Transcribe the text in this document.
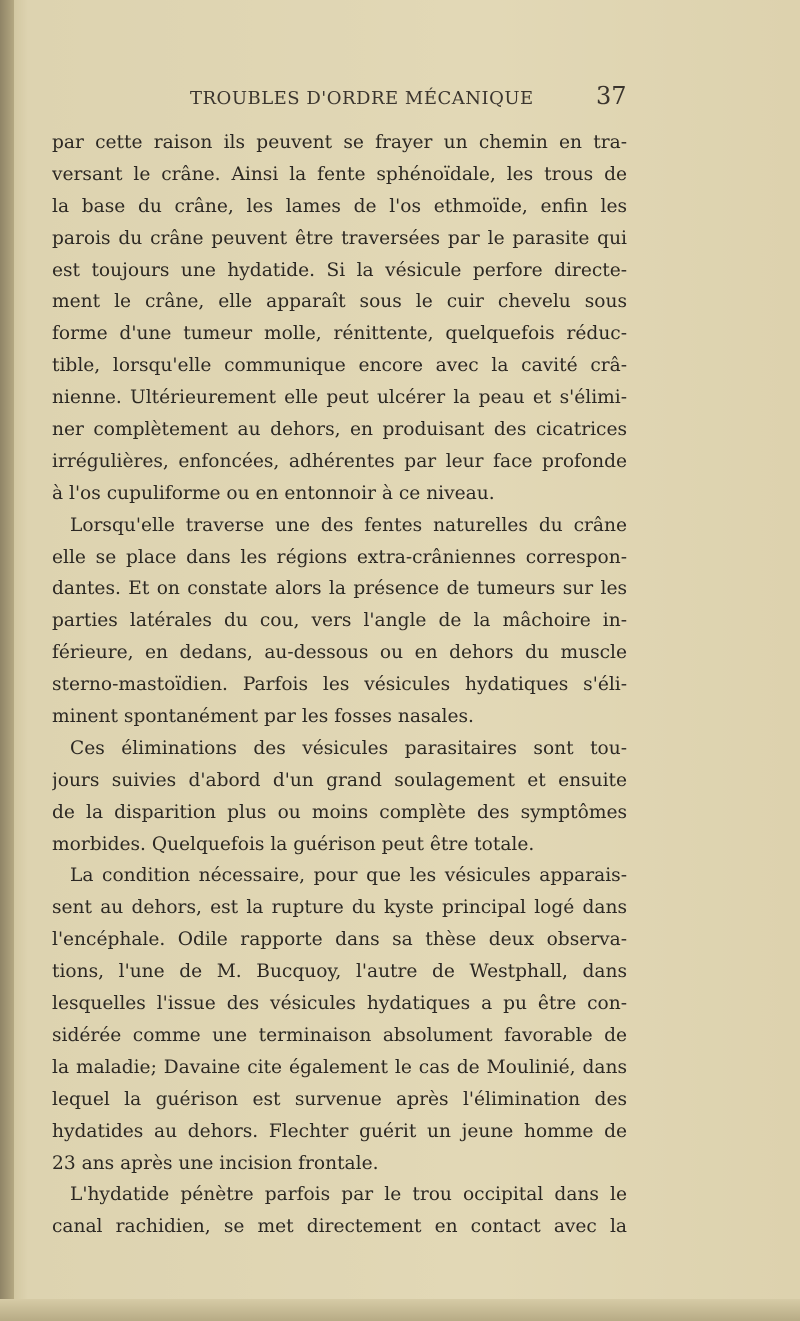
TROUBLES D'ORDRE MÉCANIQUE	37
par cette raison ils peuvent se frayer un chemin en tra-
versant le crâne. Ainsi la fente sphénoïdale, les trous de
la base du crâne, les lames de l'os ethmoïde, enfin les
parois du crâne peuvent être traversées par le parasite qui
est toujours une hydatide. Si la vésicule perfore directe-
ment le crâne, elle apparaît sous le cuir chevelu sous
forme d'une tumeur molle, rénittente, quelquefois réduc-
tible, lorsqu'elle communique encore avec la cavité crâ-
nienne. Ultérieurement elle peut ulcérer la peau et s'élimi-
ner complètement au dehors, en produisant des cicatrices
irrégulières, enfoncées, adhérentes par leur face profonde
à l'os cupuliforme ou en entonnoir à ce niveau.
Lorsqu'elle traverse une des fentes naturelles du crâne
elle se place dans les régions extra-crâniennes correspon-
dantes. Et on constate alors la présence de tumeurs sur les
parties latérales du cou, vers l'angle de la mâchoire in-
férieure, en dedans, au-dessous ou en dehors du muscle
sterno-mastoïdien. Parfois les vésicules hydatiques s'éli-
minent spontanément par les fosses nasales.
Ces éliminations des vésicules parasitaires sont tou-
jours suivies d'abord d'un grand soulagement et ensuite
de la disparition plus ou moins complète des symptômes
morbides. Quelquefois la guérison peut être totale.
La condition nécessaire, pour que les vésicules apparais-
sent au dehors, est la rupture du kyste principal logé dans
l'encéphale. Odile rapporte dans sa thèse deux observa-
tions, l'une de M. Bucquoy, l'autre de Westphall, dans
lesquelles l'issue des vésicules hydatiques a pu être con-
sidérée comme une terminaison absolument favorable de
la maladie; Davaine cite également le cas de Moulinié, dans
lequel la guérison est survenue après l'élimination des
hydatides au dehors. Flechter guérit un jeune homme de
23 ans après une incision frontale.
L'hydatide pénètre parfois par le trou occipital dans le
canal rachidien, se met directement en contact avec la
